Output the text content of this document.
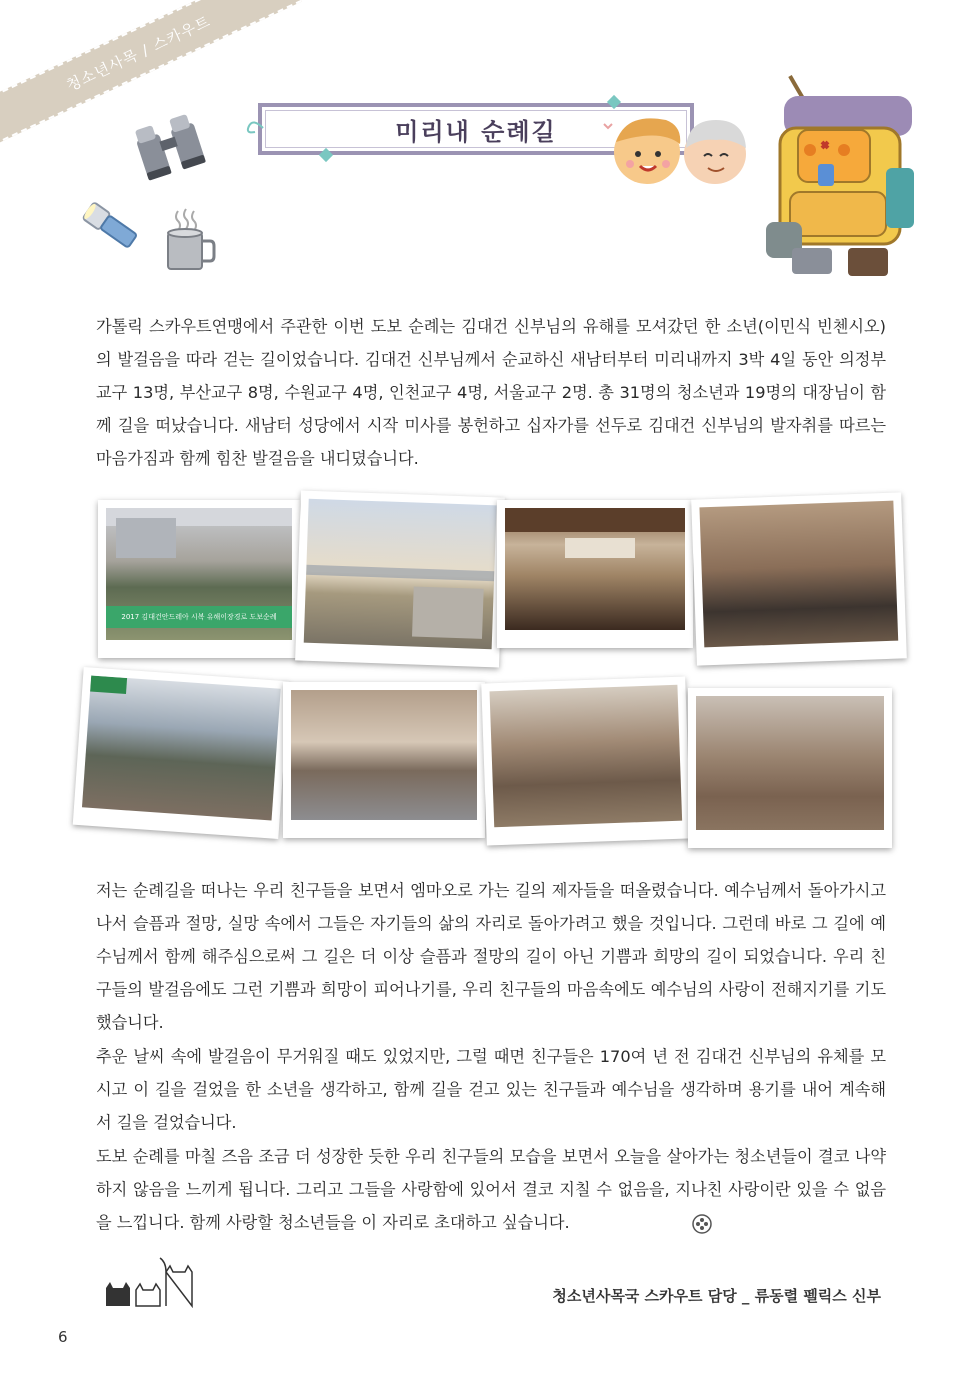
청소년사목 / 스카우트
미리내 순례길

가톨릭 스카우트연맹에서 주관한 이번 도보 순례는 김대건 신부님의 유해를 모셔갔던 한 소년(이민식 빈첸시오)의 발걸음을 따라 걷는 길이었습니다. 김대건 신부님께서 순교하신 새남터부터 미리내까지 3박 4일 동안 의정부교구 13명, 부산교구 8명, 수원교구 4명, 인천교구 4명, 서울교구 2명. 총 31명의 청소년과 19명의 대장님이 함께 길을 떠났습니다. 새남터 성당에서 시작 미사를 봉헌하고 십자가를 선두로 김대건 신부님의 발자취를 따르는 마음가짐과 함께 힘찬 발걸음을 내디뎠습니다.

2017 김대건안드레아 시복 유해이장경로 도보순례

저는 순례길을 떠나는 우리 친구들을 보면서 엠마오로 가는 길의 제자들을 떠올렸습니다. 예수님께서 돌아가시고 나서 슬픔과 절망, 실망 속에서 그들은 자기들의 삶의 자리로 돌아가려고 했을 것입니다. 그런데 바로 그 길에 예수님께서 함께 해주심으로써 그 길은 더 이상 슬픔과 절망의 길이 아닌 기쁨과 희망의 길이 되었습니다. 우리 친구들의 발걸음에도 그런 기쁨과 희망이 피어나기를, 우리 친구들의 마음속에도 예수님의 사랑이 전해지기를 기도했습니다.

추운 날씨 속에 발걸음이 무거워질 때도 있었지만, 그럴 때면 친구들은 170여 년 전 김대건 신부님의 유체를 모시고 이 길을 걸었을 한 소년을 생각하고, 함께 길을 걷고 있는 친구들과 예수님을 생각하며 용기를 내어 계속해서 길을 걸었습니다.

도보 순례를 마칠 즈음 조금 더 성장한 듯한 우리 친구들의 모습을 보면서 오늘을 살아가는 청소년들이 결코 나약하지 않음을 느끼게 됩니다. 그리고 그들을 사랑함에 있어서 결코 지칠 수 없음을, 지나친 사랑이란 있을 수 없음을 느낍니다. 함께 사랑할 청소년들을 이 자리로 초대하고 싶습니다.

청소년사목국 스카우트 담당 _ 류동렬 펠릭스 신부
6
